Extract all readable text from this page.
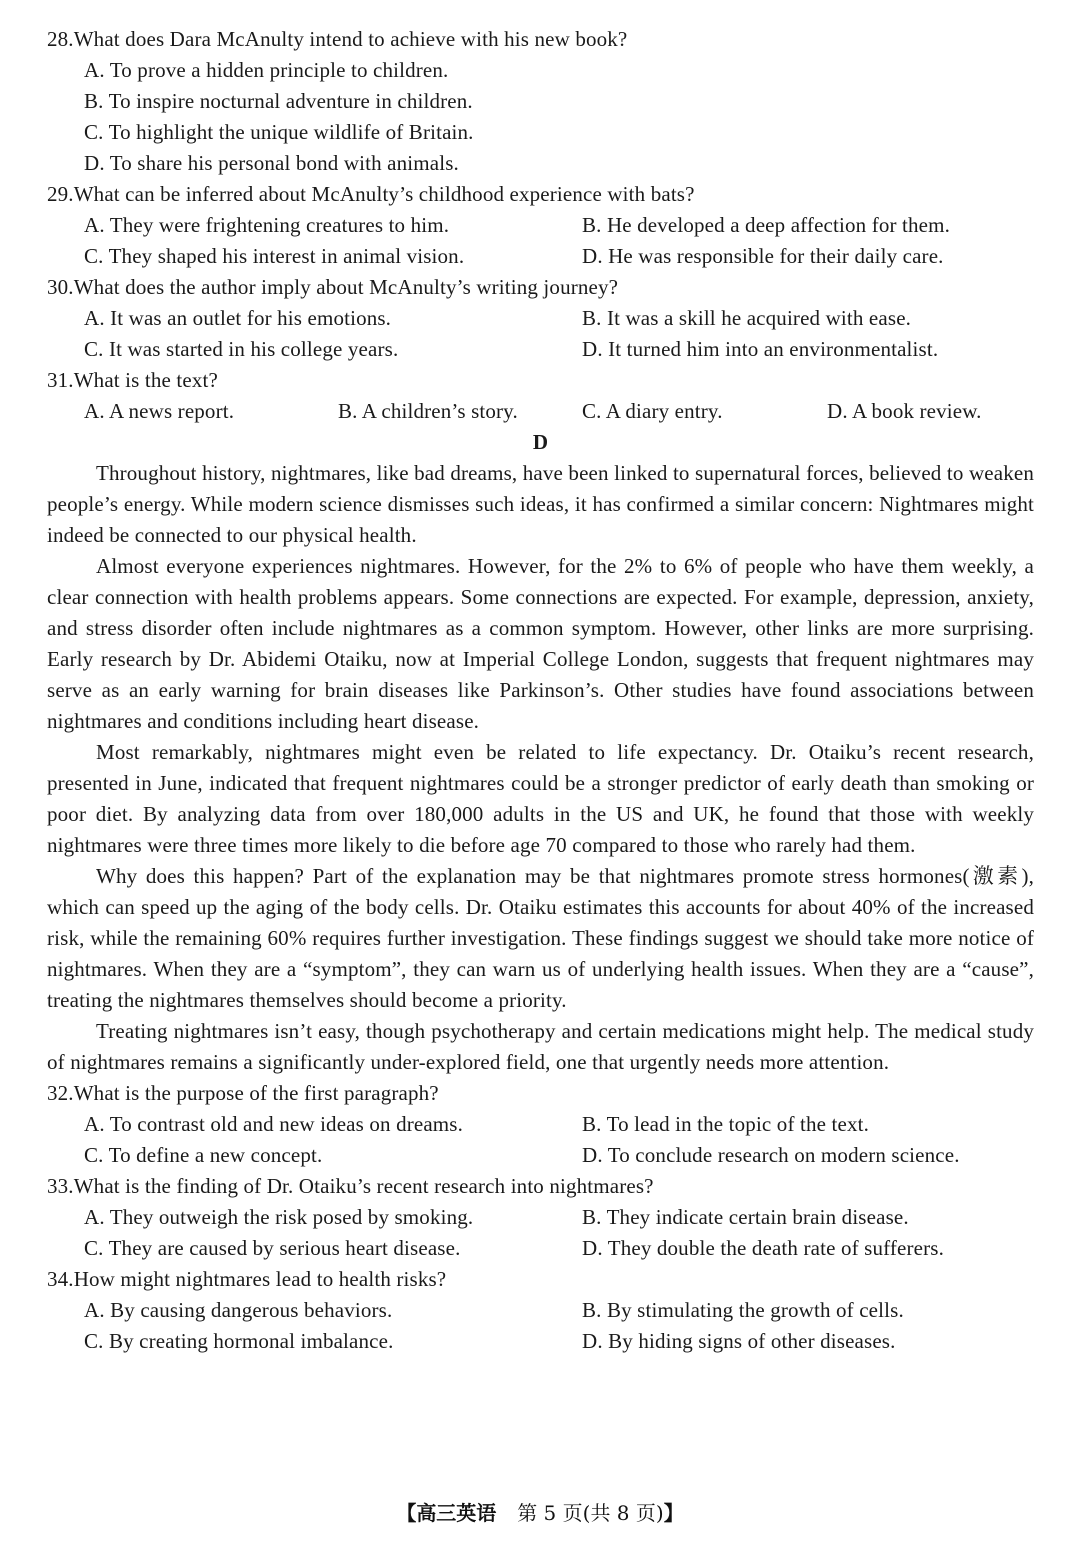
28.What does Dara McAnulty intend to achieve with his new book?
A. To prove a hidden principle to children.
B. To inspire nocturnal adventure in children.
C. To highlight the unique wildlife of Britain.
D. To share his personal bond with animals.
29.What can be inferred about McAnulty’s childhood experience with bats?
A. They were frightening creatures to him.	B. He developed a deep affection for them.
C. They shaped his interest in animal vision.	D. He was responsible for their daily care.
30.What does the author imply about McAnulty’s writing journey?
A. It was an outlet for his emotions.	B. It was a skill he acquired with ease.
C. It was started in his college years.	D. It turned him into an environmentalist.
31.What is the text?
A. A news report.	B. A children’s story.	C. A diary entry.	D. A book review.
D
Throughout history, nightmares, like bad dreams, have been linked to supernatural forces, believed to weaken people’s energy. While modern science dismisses such ideas, it has confirmed a similar concern: Nightmares might indeed be connected to our physical health.
Almost everyone experiences nightmares. However, for the 2% to 6% of people who have them weekly, a clear connection with health problems appears. Some connections are expected. For example, depression, anxiety, and stress disorder often include nightmares as a common symptom. However, other links are more surprising. Early research by Dr. Abidemi Otaiku, now at Imperial College London, suggests that frequent nightmares may serve as an early warning for brain diseases like Parkinson’s. Other studies have found associations between nightmares and conditions including heart disease.
Most remarkably, nightmares might even be related to life expectancy. Dr. Otaiku’s recent research, presented in June, indicated that frequent nightmares could be a stronger predictor of early death than smoking or poor diet. By analyzing data from over 180,000 adults in the US and UK, he found that those with weekly nightmares were three times more likely to die before age 70 compared to those who rarely had them.
Why does this happen? Part of the explanation may be that nightmares promote stress hormones(激素), which can speed up the aging of the body cells. Dr. Otaiku estimates this accounts for about 40% of the increased risk, while the remaining 60% requires further investigation. These findings suggest we should take more notice of nightmares. When they are a “symptom”, they can warn us of underlying health issues. When they are a “cause”, treating the nightmares themselves should become a priority.
Treating nightmares isn’t easy, though psychotherapy and certain medications might help. The medical study of nightmares remains a significantly under-explored field, one that urgently needs more attention.
32.What is the purpose of the first paragraph?
A. To contrast old and new ideas on dreams.	B. To lead in the topic of the text.
C. To define a new concept.	D. To conclude research on modern science.
33.What is the finding of Dr. Otaiku’s recent research into nightmares?
A. They outweigh the risk posed by smoking.	B. They indicate certain brain disease.
C. They are caused by serious heart disease.	D. They double the death rate of sufferers.
34.How might nightmares lead to health risks?
A. By causing dangerous behaviors.	B. By stimulating the growth of cells.
C. By creating hormonal imbalance.	D. By hiding signs of other diseases.
【高三英语 第 5 页(共 8 页)】
